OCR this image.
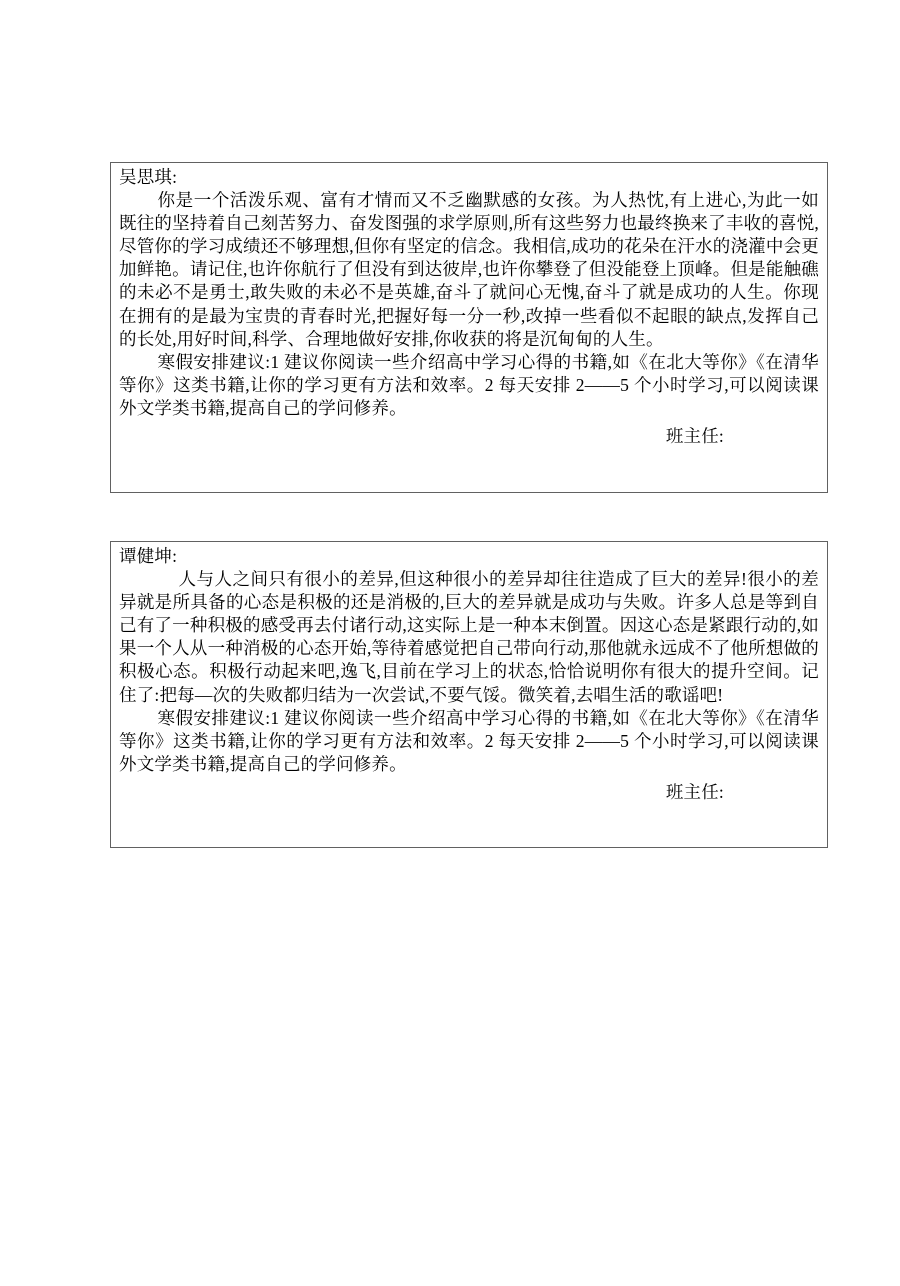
吴思琪:

你是一个活泼乐观、富有才情而又不乏幽默感的女孩。为人热忱,有上进心,为此一如既往的坚持着自己刻苦努力、奋发图强的求学原则,所有这些努力也最终换来了丰收的喜悦,尽管你的学习成绩还不够理想,但你有坚定的信念。我相信,成功的花朵在汗水的浇灌中会更加鲜艳。请记住,也许你航行了但没有到达彼岸,也许你攀登了但没能登上顶峰。但是能触礁的未必不是勇士,敢失败的未必不是英雄,奋斗了就问心无愧,奋斗了就是成功的人生。你现在拥有的是最为宝贵的青春时光,把握好每一分一秒,改掉一些看似不起眼的缺点,发挥自己的长处,用好时间,科学、合理地做好安排,你收获的将是沉甸甸的人生。

寒假安排建议:1 建议你阅读一些介绍高中学习心得的书籍,如《在北大等你》《在清华等你》这类书籍,让你的学习更有方法和效率。2 每天安排 2——5 个小时学习,可以阅读课外文学类书籍,提高自己的学问修养。

班主任:

谭健坤:

人与人之间只有很小的差异,但这种很小的差异却往往造成了巨大的差异!很小的差异就是所具备的心态是积极的还是消极的,巨大的差异就是成功与失败。许多人总是等到自己有了一种积极的感受再去付诸行动,这实际上是一种本末倒置。因这心态是紧跟行动的,如果一个人从一种消极的心态开始,等待着感觉把自己带向行动,那他就永远成不了他所想做的积极心态。积极行动起来吧,逸飞,目前在学习上的状态,恰恰说明你有很大的提升空间。记住了:把每—次的失败都归结为一次尝试,不要气馁。微笑着,去唱生活的歌谣吧!

寒假安排建议:1 建议你阅读一些介绍高中学习心得的书籍,如《在北大等你》《在清华等你》这类书籍,让你的学习更有方法和效率。2 每天安排 2——5 个小时学习,可以阅读课外文学类书籍,提高自己的学问修养。

班主任:
